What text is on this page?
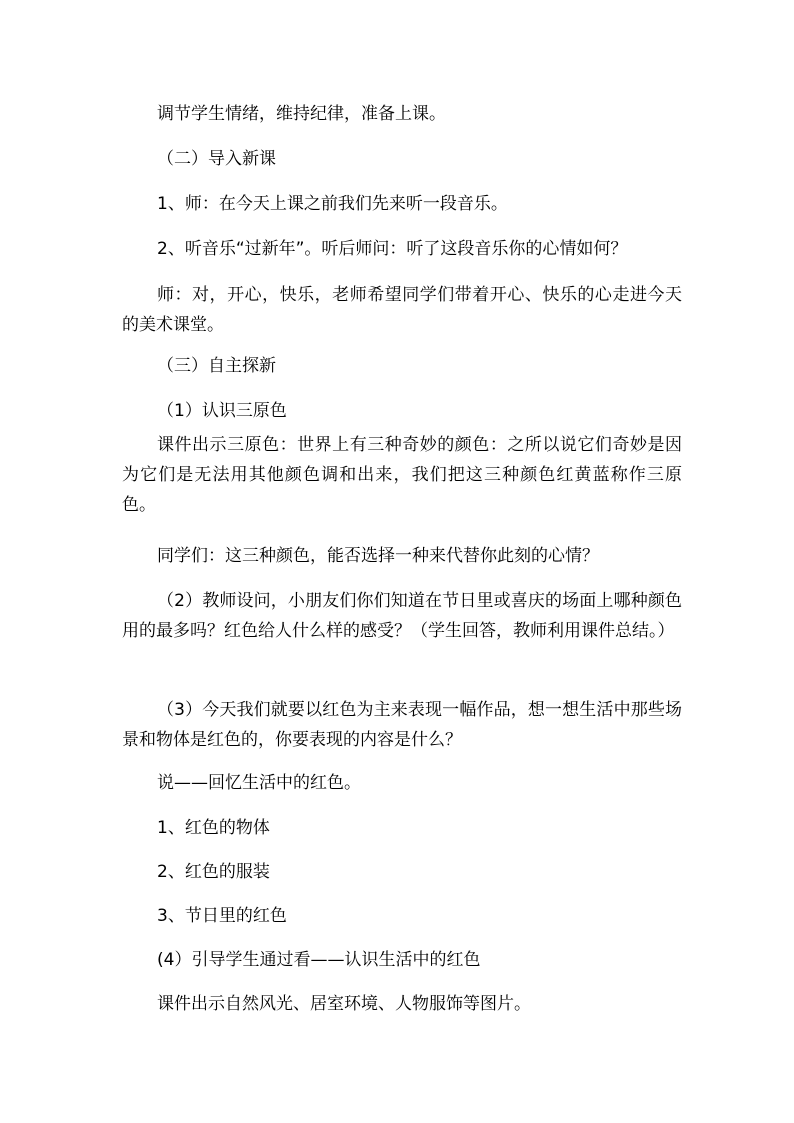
调节学生情绪，维持纪律，准备上课。
（二）导入新课
1、师：在今天上课之前我们先来听一段音乐。
2、听音乐“过新年”。听后师问：听了这段音乐你的心情如何？
师：对，开心，快乐，老师希望同学们带着开心、快乐的心走进今天的美术课堂。
（三）自主探新
（1）认识三原色
课件出示三原色：世界上有三种奇妙的颜色：之所以说它们奇妙是因为它们是无法用其他颜色调和出来，我们把这三种颜色红黄蓝称作三原色。
同学们：这三种颜色，能否选择一种来代替你此刻的心情？
（2）教师设问，小朋友们你们知道在节日里或喜庆的场面上哪种颜色用的最多吗？红色给人什么样的感受？（学生回答，教师利用课件总结。）
（3）今天我们就要以红色为主来表现一幅作品，想一想生活中那些场景和物体是红色的，你要表现的内容是什么？
说——回忆生活中的红色。
1、红色的物体
2、红色的服装
3、节日里的红色
(4）引导学生通过看——认识生活中的红色
课件出示自然风光、居室环境、人物服饰等图片。
